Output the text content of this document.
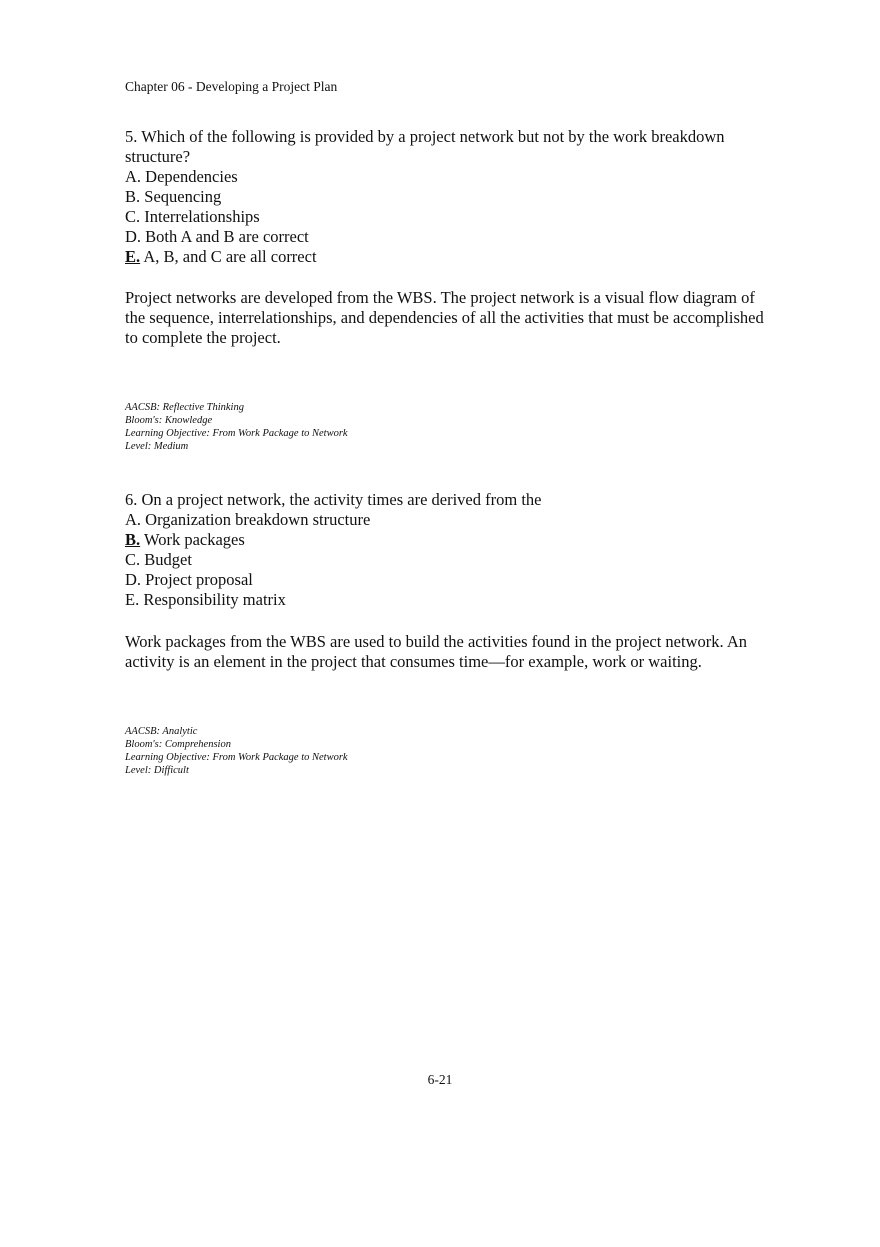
Chapter 06 - Developing a Project Plan
5. Which of the following is provided by a project network but not by the work breakdown structure?
A. Dependencies
B. Sequencing
C. Interrelationships
D. Both A and B are correct
E. A, B, and C are all correct
Project networks are developed from the WBS. The project network is a visual flow diagram of the sequence, interrelationships, and dependencies of all the activities that must be accomplished to complete the project.
AACSB: Reflective Thinking
Bloom's: Knowledge
Learning Objective: From Work Package to Network
Level: Medium
6. On a project network, the activity times are derived from the
A. Organization breakdown structure
B. Work packages
C. Budget
D. Project proposal
E. Responsibility matrix
Work packages from the WBS are used to build the activities found in the project network. An activity is an element in the project that consumes time—for example, work or waiting.
AACSB: Analytic
Bloom's: Comprehension
Learning Objective: From Work Package to Network
Level: Difficult
6-21
